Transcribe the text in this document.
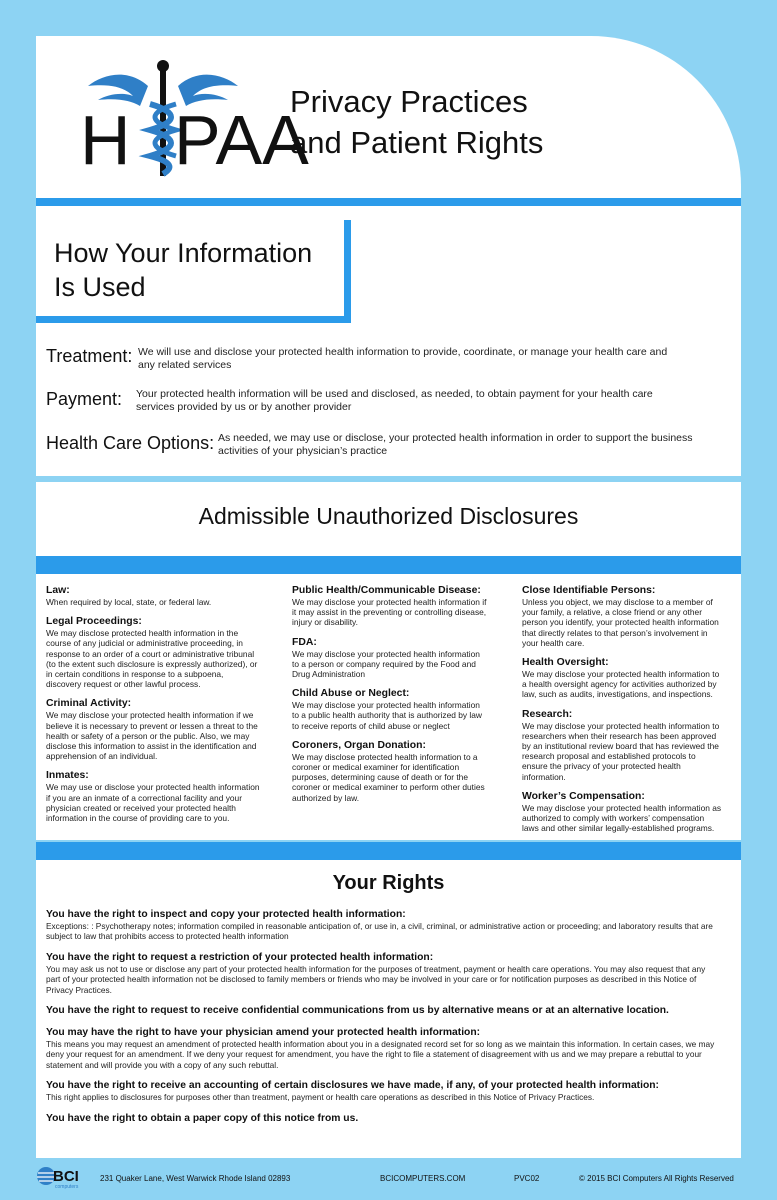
H PAA
Privacy Practices
and Patient Rights
How Your Information
Is Used
Treatment: We will use and disclose your protected health information to provide, coordinate, or manage your health care and any related services
Payment: Your protected health information will be used and disclosed, as needed, to obtain payment for your health care services provided by us or by another provider
Health Care Options: As needed, we may use or disclose, your protected health information in order to support the business activities of your physician’s practice
Admissible Unauthorized Disclosures
Law:
When required by local, state, or federal law.
Legal Proceedings:
We may disclose protected health information in the course of any judicial or administrative proceeding, in response to an order of a court or administrative tribunal (to the extent such disclosure is expressly authorized), or in certain conditions in response to a subpoena, discovery request or other lawful process.
Criminal Activity:
We may disclose your protected health information if we believe it is necessary to prevent or lessen a threat to the health or safety of a person or the public. Also, we may disclose this information to assist in the identification and apprehension of an individual.
Inmates:
We may use or disclose your protected health information if you are an inmate of a correctional facility and your physician created or received your protected health information in the course of providing care to you.
Public Health/Communicable Disease:
We may disclose your protected health information if it may assist in the preventing or controlling disease, injury or disability.
FDA:
We may disclose your protected health information to a person or company required by the Food and Drug Administration
Child Abuse or Neglect:
We may disclose your protected health information to a public health authority that is authorized by law to receive reports of child abuse or neglect
Coroners, Organ Donation:
We may disclose protected health information to a coroner or medical examiner for identification purposes, determining cause of death or for the coroner or medical examiner to perform other duties authorized by law.
Close Identifiable Persons:
Unless you object, we may disclose to a member of your family, a relative, a close friend or any other person you identify, your protected health information that directly relates to that person’s involvement in your health care.
Health Oversight:
We may disclose your protected health information to a health oversight agency for activities authorized by law, such as audits, investigations, and inspections.
Research:
We may disclose your protected health information to researchers when their research has been approved by an institutional review board that has reviewed the research proposal and established protocols to ensure the privacy of your protected health information.
Worker’s Compensation:
We may disclose your protected health information as authorized to comply with workers’ compensation laws and other similar legally-established programs.
Your Rights
You have the right to inspect and copy your protected health information:
Exceptions: : Psychotherapy notes; information compiled in reasonable anticipation of, or use in, a civil, criminal, or administrative action or proceeding; and laboratory results that are subject to law that prohibits access to protected health information
You have the right to request a restriction of your protected health information:
You may ask us not to use or disclose any part of your protected health information for the purposes of treatment, payment or health care operations. You may also request that any part of your protected health information not be disclosed to family members or friends who may be involved in your care or for notification purposes as described in this Notice of Privacy Practices.
You have the right to request to receive confidential communications from us by alternative means or at an alternative location.
You may have the right to have your physician amend your protected health information:
This means you may request an amendment of protected health information about you in a designated record set for so long as we maintain this information. In certain cases, we may deny your request for an amendment. If we deny your request for amendment, you have the right to file a statement of disagreement with us and we may prepare a rebuttal to your statement and will provide you with a copy of any such rebuttal.
You have the right to receive an accounting of certain disclosures we have made, if any, of your protected health information:
This right applies to disclosures for purposes other than treatment, payment or health care operations as described in this Notice of Privacy Practices.
You have the right to obtain a paper copy of this notice from us.
BCI
computers
231 Quaker Lane, West Warwick Rhode Island 02893	BCICOMPUTERS.COM	PVC02	© 2015 BCI Computers All Rights Reserved
